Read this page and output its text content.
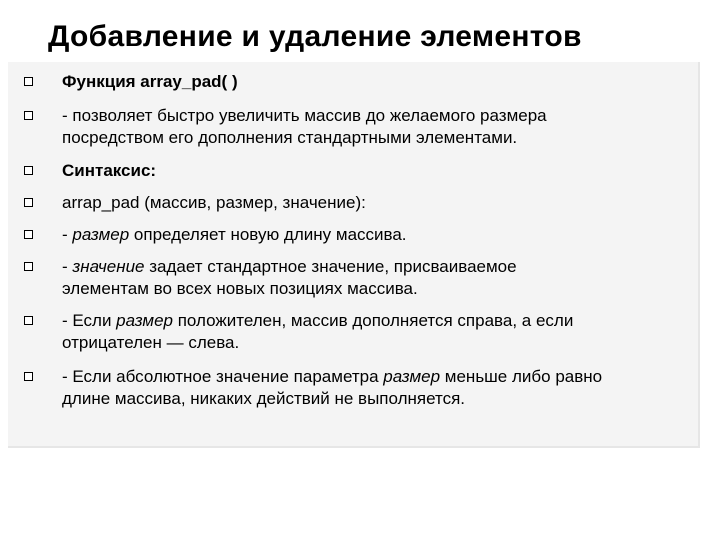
Добавление и удаление элементов
Функция array_pad( )
- позволяет быстро увеличить массив до желаемого размера
посредством его дополнения стандартными элементами.
Синтаксис:
arrap_pad (массив, размер, значение):
- размер определяет новую длину массива.
- значение задает стандартное значение, присваиваемое
элементам во всех новых позициях массива.
- Если размер положителен, массив дополняется справа, а если
отрицателен — слева.
- Если абсолютное значение параметра размер меньше либо равно
длине массива, никаких действий не выполняется.
